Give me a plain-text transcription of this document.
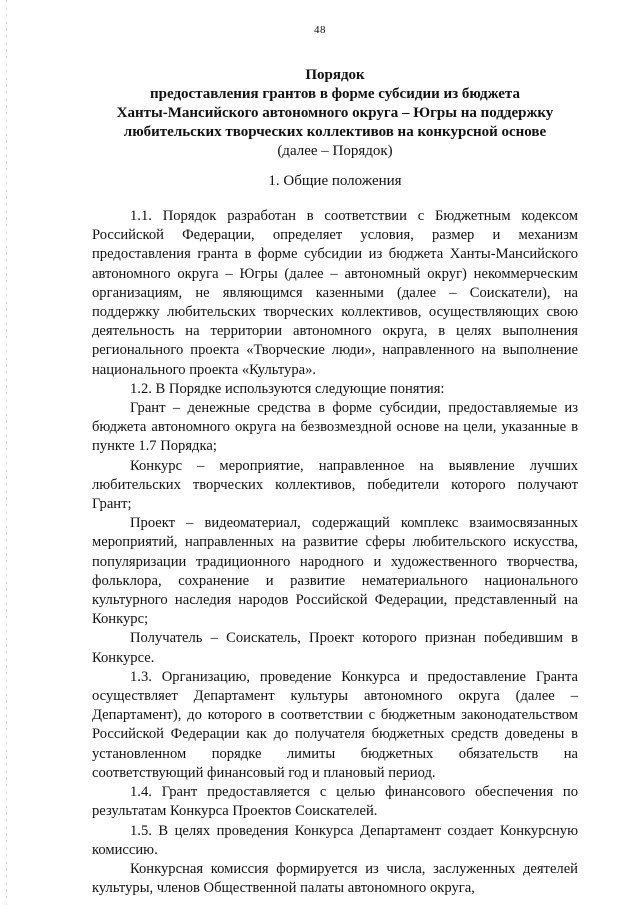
48
Порядок
предоставления грантов в форме субсидии из бюджета
Ханты-Мансийского автономного округа – Югры на поддержку
любительских творческих коллективов на конкурсной основе
(далее – Порядок)
1. Общие положения

1.1. Порядок разработан в соответствии с Бюджетным кодексом Российской Федерации, определяет условия, размер и механизм предоставления гранта в форме субсидии из бюджета Ханты-Мансийского автономного округа – Югры (далее – автономный округ) некоммерческим организациям, не являющимся казенными (далее – Соискатели), на поддержку любительских творческих коллективов, осуществляющих свою деятельность на территории автономного округа, в целях выполнения регионального проекта «Творческие люди», направленного на выполнение национального проекта «Культура».

1.2. В Порядке используются следующие понятия:

Грант – денежные средства в форме субсидии, предоставляемые из бюджета автономного округа на безвозмездной основе на цели, указанные в пункте 1.7 Порядка;

Конкурс – мероприятие, направленное на выявление лучших любительских творческих коллективов, победители которого получают Грант;

Проект – видеоматериал, содержащий комплекс взаимосвязанных мероприятий, направленных на развитие сферы любительского искусства, популяризации традиционного народного и художественного творчества, фольклора, сохранение и развитие нематериального национального культурного наследия народов Российской Федерации, представленный на Конкурс;

Получатель – Соискатель, Проект которого признан победившим в Конкурсе.

1.3. Организацию, проведение Конкурса и предоставление Гранта осуществляет Департамент культуры автономного округа (далее – Департамент), до которого в соответствии с бюджетным законодательством Российской Федерации как до получателя бюджетных средств доведены в установленном порядке лимиты бюджетных обязательств на соответствующий финансовый год и плановый период.

1.4. Грант предоставляется с целью финансового обеспечения по результатам Конкурса Проектов Соискателей.

1.5. В целях проведения Конкурса Департамент создает Конкурсную комиссию.

Конкурсная комиссия формируется из числа, заслуженных деятелей культуры, членов Общественной палаты автономного округа,
